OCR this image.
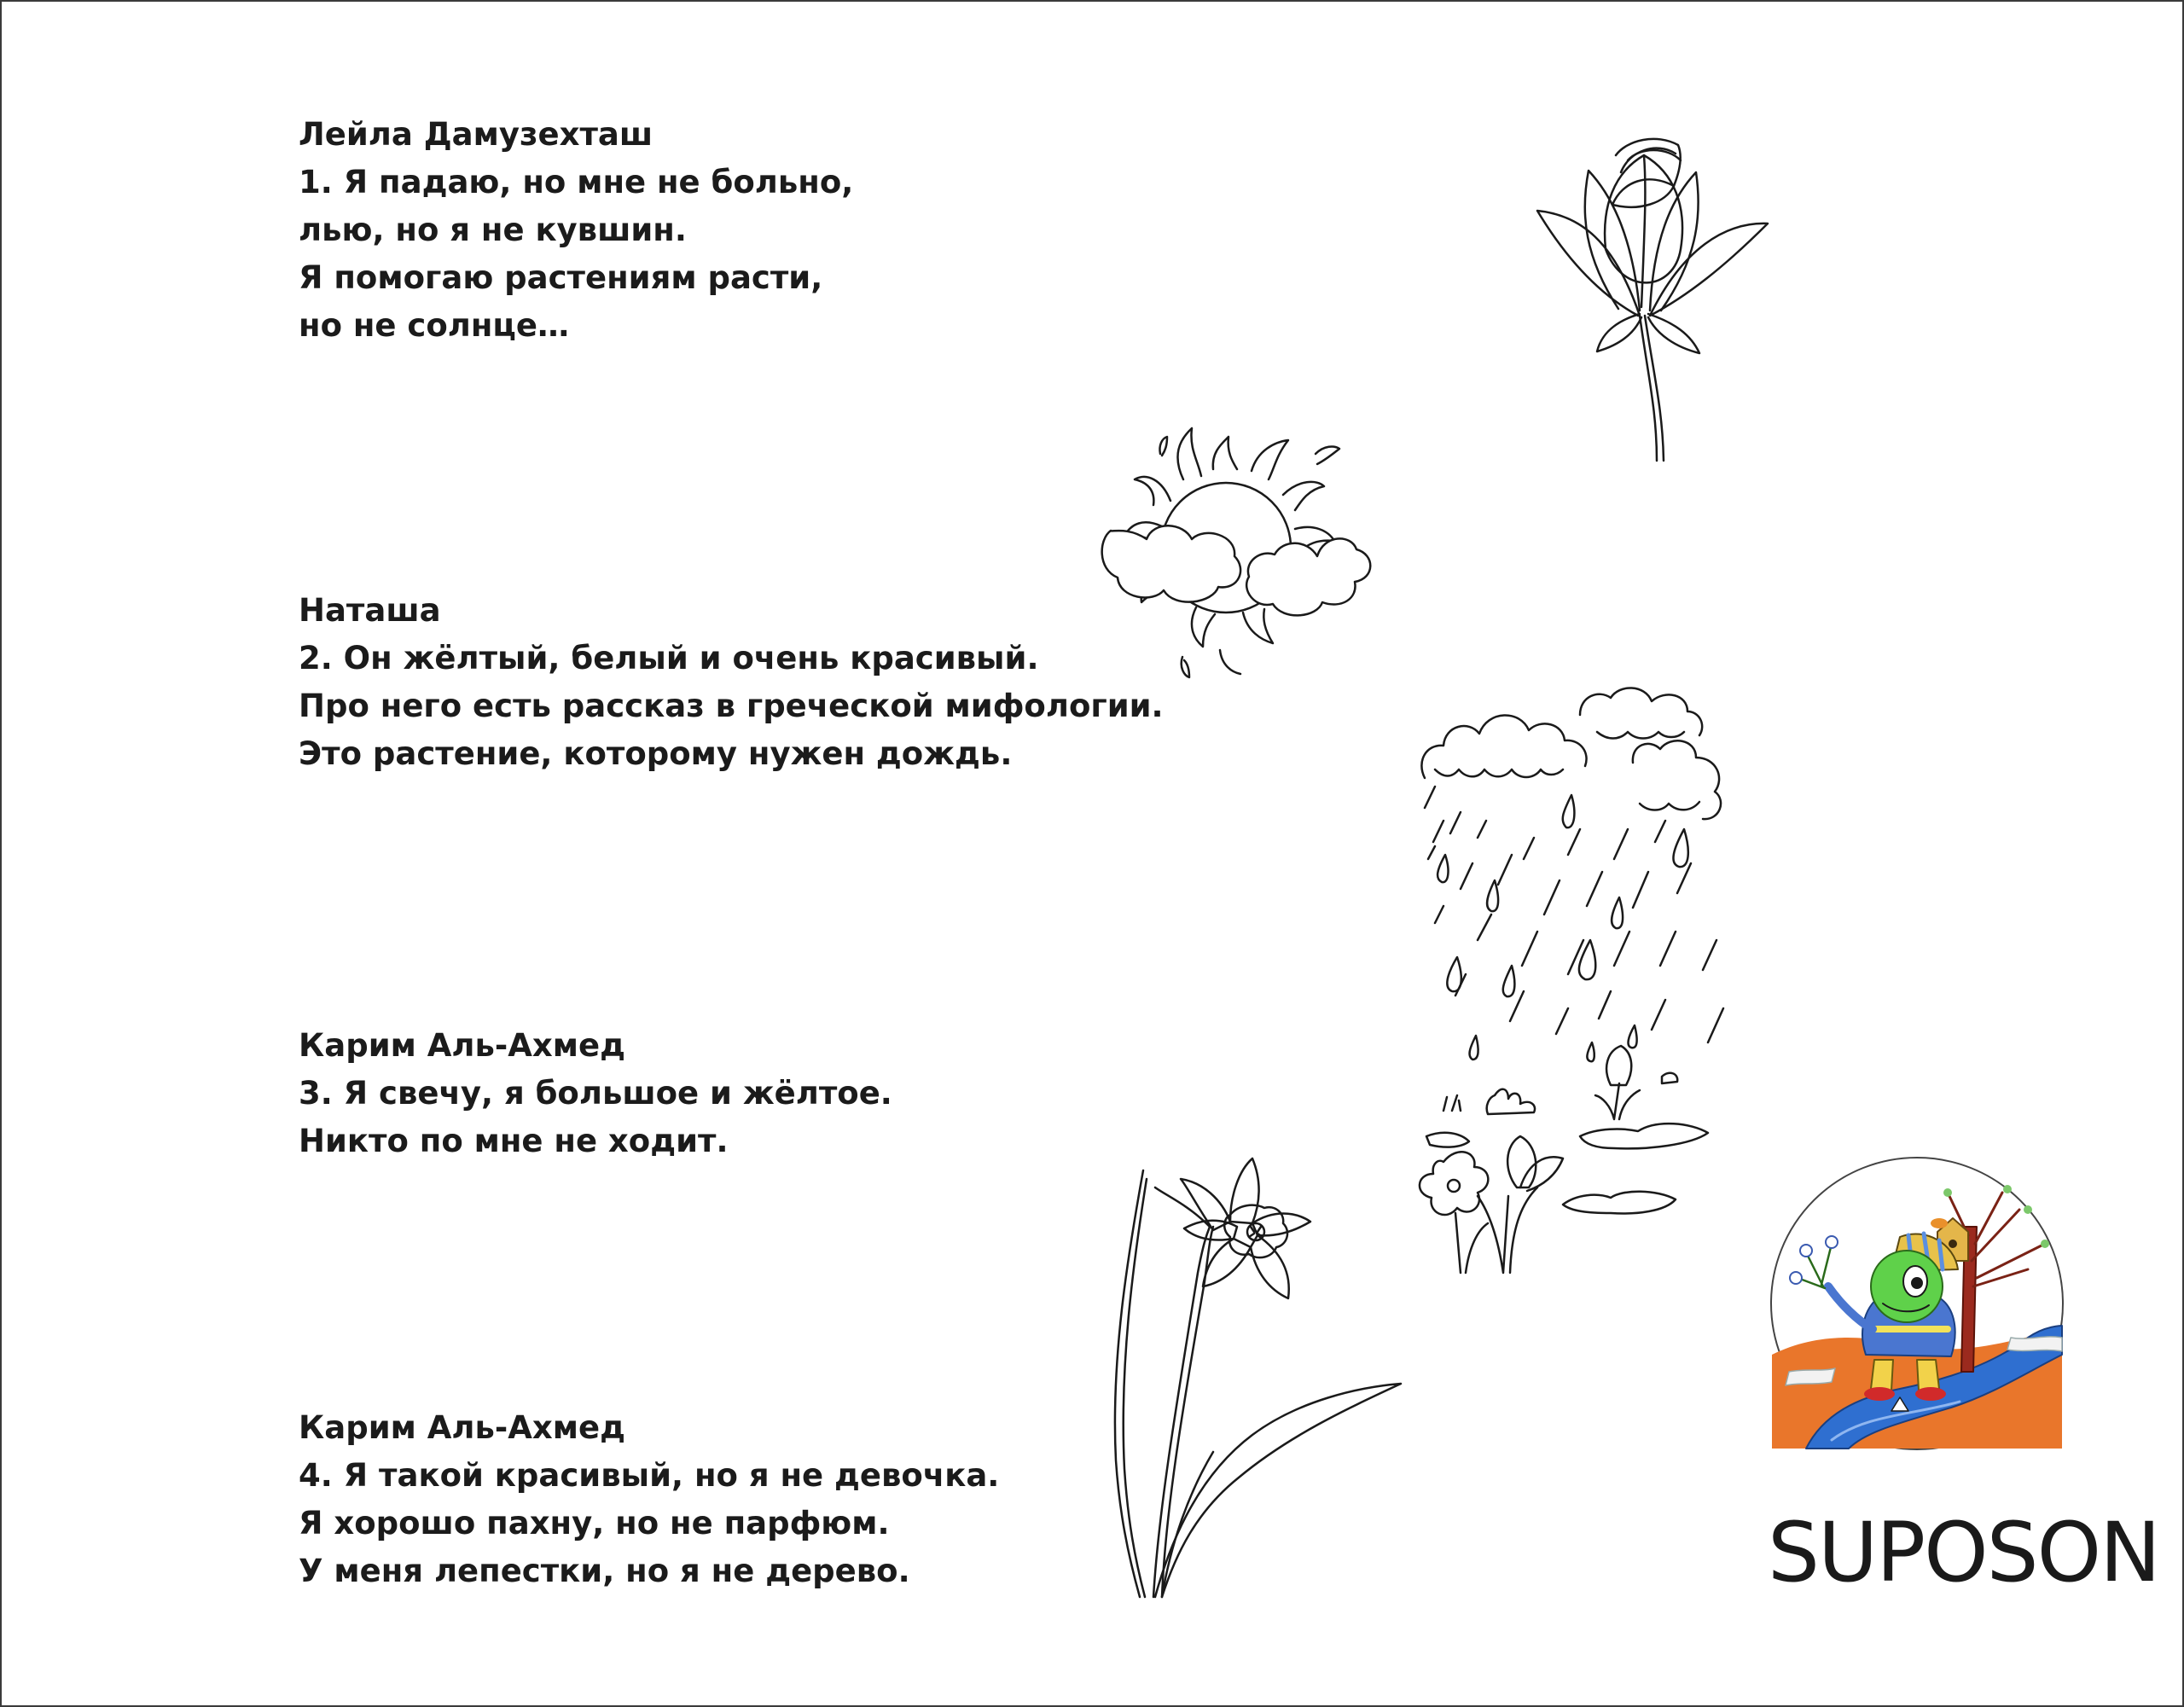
Лейла Дамузехташ
1. Я падаю, но мне не больно,
лью, но я не кувшин.
Я помогаю растениям расти,
но не солнце…
Наташа
2. Он жёлтый, белый и очень красивый.
Про него есть рассказ в греческой мифологии.
Это растение, которому нужен дождь.
Карим Аль-Ахмед
3. Я свечу, я большое и жёлтое.
Никто по мне не ходит.
Карим Аль-Ахмед
4. Я такой красивый, но я не девочка.
Я хорошо пахну, но не парфюм.
У меня лепестки, но я не дерево.	SUPOSON
